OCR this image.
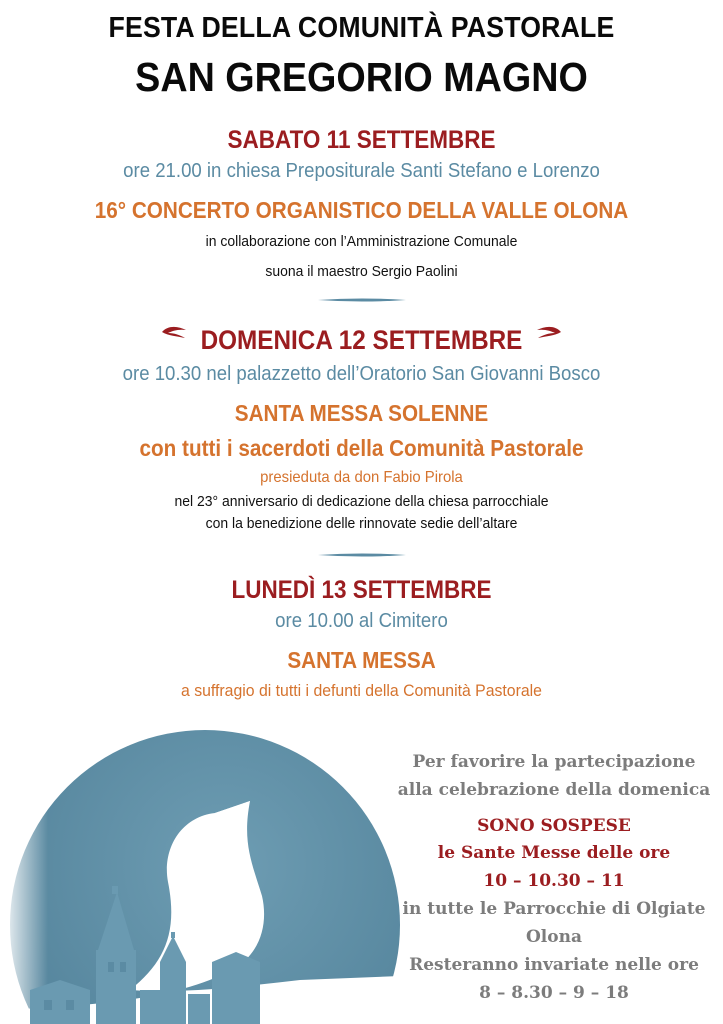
FESTA DELLA COMUNITÀ PASTORALE
SAN GREGORIO MAGNO
SABATO 11 SETTEMBRE
ore 21.00 in chiesa Prepositurale Santi Stefano e Lorenzo
16° CONCERTO ORGANISTICO DELLA VALLE OLONA
in collaborazione con l’Amministrazione Comunale
suona il maestro Sergio Paolini
DOMENICA 12 SETTEMBRE
ore 10.30 nel palazzetto dell’Oratorio San Giovanni Bosco
SANTA MESSA SOLENNE
con tutti i sacerdoti della Comunità Pastorale
presieduta da don Fabio Pirola
nel 23° anniversario di dedicazione della chiesa parrocchiale
con la benedizione delle rinnovate sedie dell’altare
LUNEDÌ 13 SETTEMBRE
ore 10.00 al Cimitero
SANTA MESSA
a suffragio di tutti i defunti della Comunità Pastorale
Per favorire la partecipazione
alla celebrazione della domenica
SONO SOSPESE
le Sante Messe delle ore
10 – 10.30 – 11
in tutte le Parrocchie di Olgiate
Olona
Resteranno invariate nelle ore
8 – 8.30 – 9 – 18
